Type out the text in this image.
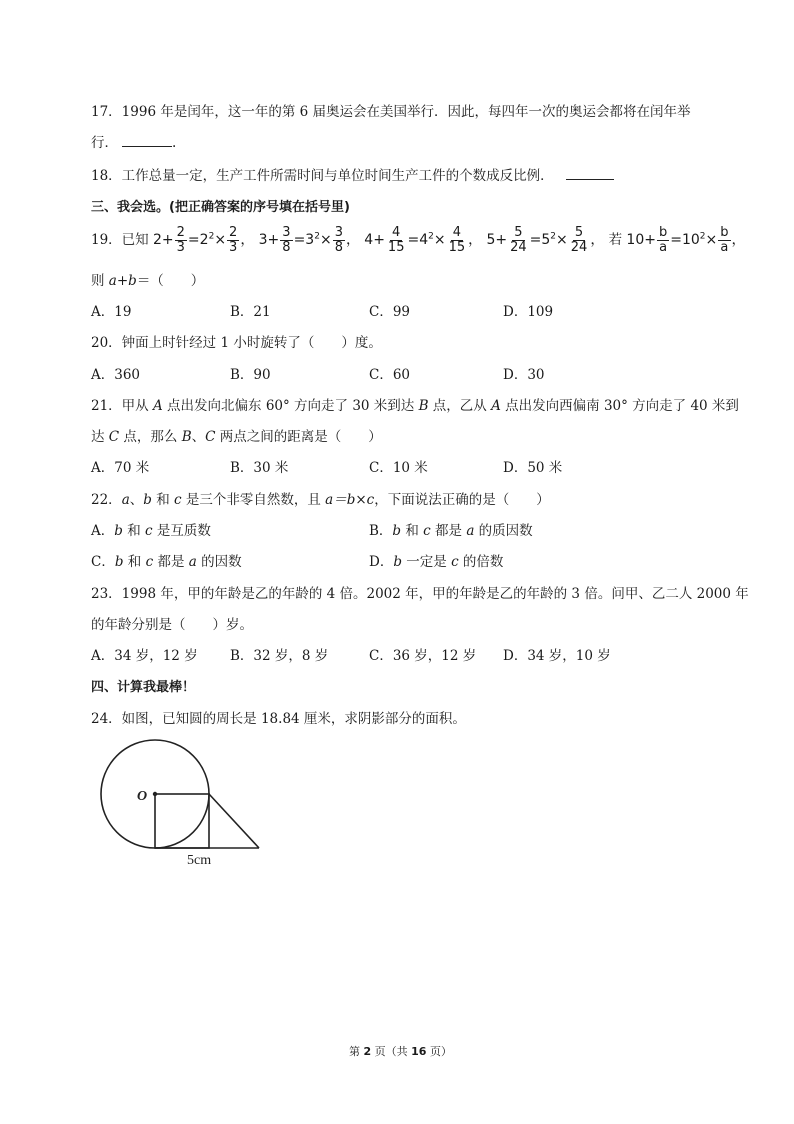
17．1996 年是闰年，这一年的第 6 届奥运会在美国举行．因此，每四年一次的奥运会都将在闰年举
行．	.
18．工作总量一定，生产工件所需时间与单位时间生产工件的个数成反比例．
三、我会选。(把正确答案的序号填在括号里)
19．已知 $2+ \frac{2}{3} =2^2\times \frac{2}{3}$ ， $3+ \frac{3}{8} =3^2\times \frac{3}{8}$ ， $4+ \frac{4}{15} =4^2\times \frac{4}{15}$ ， $5+ \frac{5}{24} =5^2\times \frac{5}{24}$ ， 若 $10+ \frac{b}{a} =10^2\times \frac{b}{a}$ ，
则 a+b＝（　　）
A．19	B．21	C．99	D．109
20．钟面上时针经过 1 小时旋转了（　　）度。
A．360	B．90	C．60	D．30
21．甲从 A 点出发向北偏东 60° 方向走了 30 米到达 B 点，乙从 A 点出发向西偏南 30° 方向走了 40 米到
达 C 点，那么 B、C 两点之间的距离是（　　）
A．70 米	B．30 米	C．10 米	D．50 米
22．a、b 和 c 是三个非零自然数，且 a＝b×c，下面说法正确的是（　　）
A．b 和 c 是互质数	B．b 和 c 都是 a 的质因数
C．b 和 c 都是 a 的因数	D．b 一定是 c 的倍数
23．1998 年，甲的年龄是乙的年龄的 4 倍。2002 年，甲的年龄是乙的年龄的 3 倍。问甲、乙二人 2000 年
的年龄分别是（　　）岁。
A．34 岁，12 岁 B．32 岁，8 岁	C．36 岁，12 岁 D．34 岁，10 岁
四、计算我最棒！
24．如图，已知圆的周长是 18.84 厘米，求阴影部分的面积。
O
5cm
第 2 页（共 16 页）
